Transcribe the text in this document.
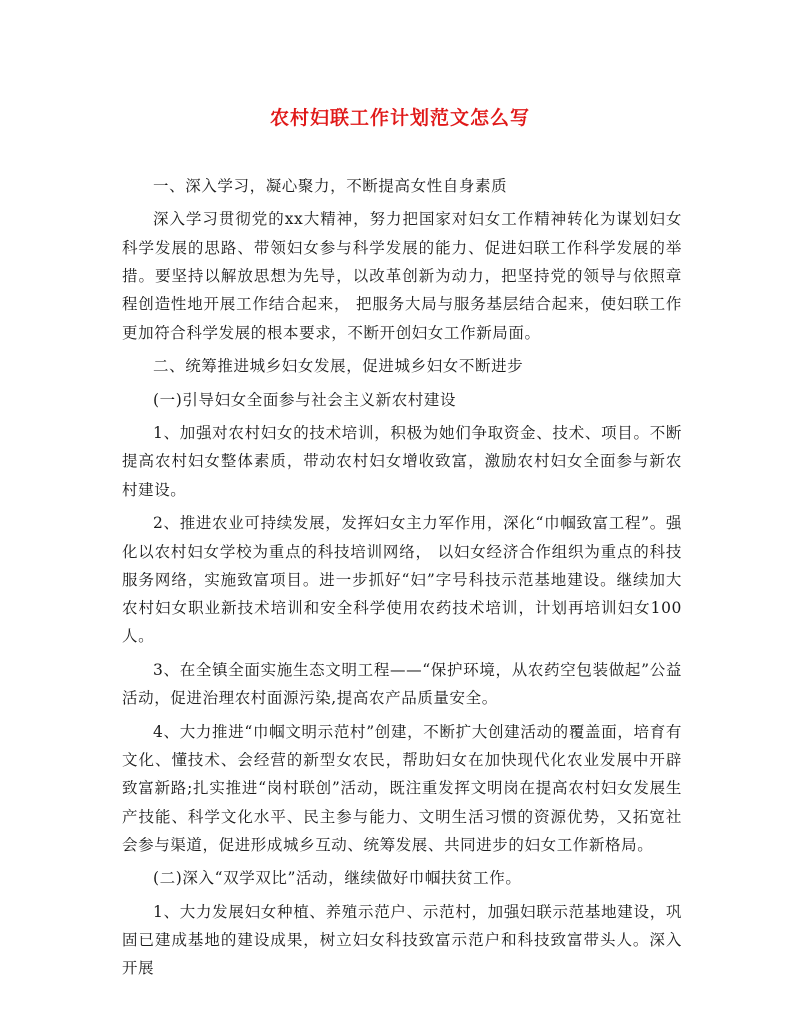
农村妇联工作计划范文怎么写

一、深入学习，凝心聚力，不断提高女性自身素质

深入学习贯彻党的xx大精神，努力把国家对妇女工作精神转化为谋划妇女科学发展的思路、带领妇女参与科学发展的能力、促进妇联工作科学发展的举措。要坚持以解放思想为先导，以改革创新为动力，把坚持党的领导与依照章程创造性地开展工作结合起来， 把服务大局与服务基层结合起来，使妇联工作更加符合科学发展的根本要求，不断开创妇女工作新局面。

二、统筹推进城乡妇女发展，促进城乡妇女不断进步

(一)引导妇女全面参与社会主义新农村建设

1、加强对农村妇女的技术培训，积极为她们争取资金、技术、项目。不断提高农村妇女整体素质，带动农村妇女增收致富，激励农村妇女全面参与新农村建设。

2、推进农业可持续发展，发挥妇女主力军作用，深化“巾帼致富工程”。强化以农村妇女学校为重点的科技培训网络， 以妇女经济合作组织为重点的科技服务网络，实施致富项目。进一步抓好“妇”字号科技示范基地建设。继续加大农村妇女职业新技术培训和安全科学使用农药技术培训，计划再培训妇女100人。

3、在全镇全面实施生态文明工程——“保护环境，从农药空包装做起”公益活动，促进治理农村面源污染,提高农产品质量安全。

4、大力推进“巾帼文明示范村”创建，不断扩大创建活动的覆盖面，培育有文化、懂技术、会经营的新型女农民，帮助妇女在加快现代化农业发展中开辟致富新路;扎实推进“岗村联创”活动，既注重发挥文明岗在提高农村妇女发展生产技能、科学文化水平、民主参与能力、文明生活习惯的资源优势，又拓宽社会参与渠道，促进形成城乡互动、统筹发展、共同进步的妇女工作新格局。

(二)深入“双学双比”活动，继续做好巾帼扶贫工作。

1、大力发展妇女种植、养殖示范户、示范村，加强妇联示范基地建设，巩固已建成基地的建设成果，树立妇女科技致富示范户和科技致富带头人。深入开展
